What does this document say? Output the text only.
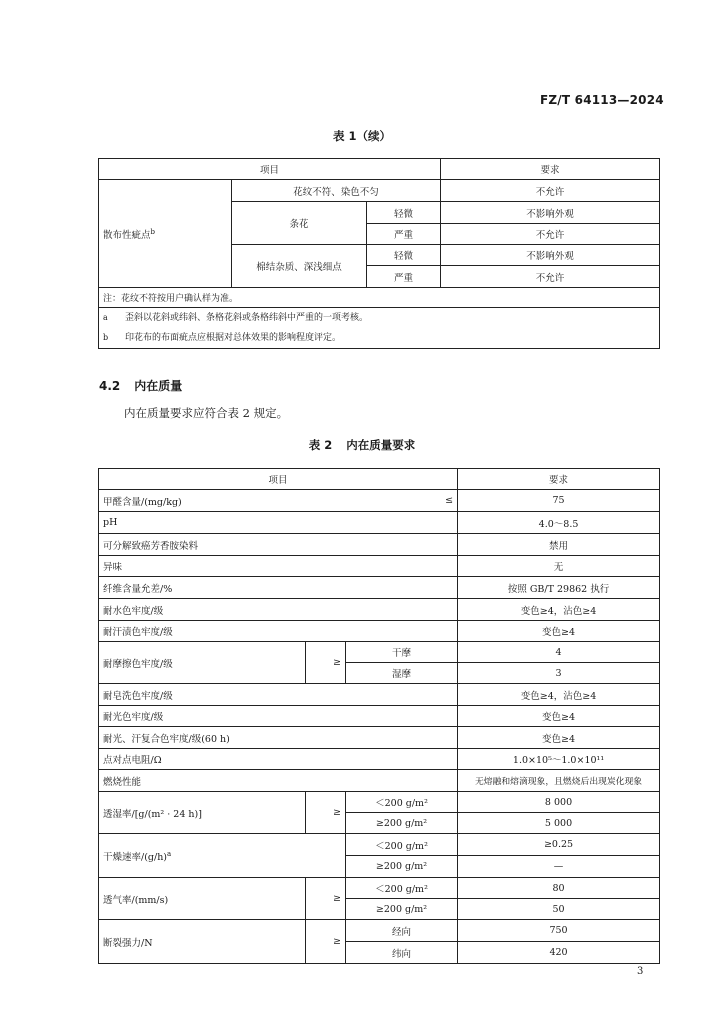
FZ/T 64113—2024
表 1（续）
项目			要求
散布性疵点$^b$	花纹不符、染色不匀		不允许
	条花	轻微	不影响外观
		严重	不允许
	棉结杂质、深浅细点	轻微	不影响外观
		严重	不允许
注：花纹不符按用户确认样为准。			

a 歪斜以花斜或纬斜、条格花斜或条格纬斜中严重的一项考核。
b 印花布的布面疵点应根据对总体效果的影响程度评定。			
4.2 内在质量
内在质量要求应符合表 2 规定。
表 2 内在质量要求
项目			要求
甲醛含量/(mg/kg)		≤	75
pH			4.0～8.5
可分解致癌芳香胺染料			禁用
异味			无
纤维含量允差/%			按照 GB/T 29862 执行
耐水色牢度/级			变色≥4，沾色≥4
耐汗渍色牢度/级			变色≥4
耐摩擦色牢度/级	≥	干摩	4
		湿摩	3
耐皂洗色牢度/级			变色≥4，沾色≥4
耐光色牢度/级			变色≥4
耐光、汗复合色牢度/级(60 h)			变色≥4
点对点电阻/Ω			1.0×10⁵～1.0×10¹¹
燃烧性能			无熔融和熔滴现象，且燃烧后出现炭化现象
透湿率/[g/(m² · 24 h)]	≥	＜200 g/m²	8 000
		≥200 g/m²	5 000
干燥速率$/(g/h)^a$		＜200 g/m²	≥0.25
		≥200 g/m²	—
透气率/(mm/s)	≥	＜200 g/m²	80
		≥200 g/m²	50
断裂强力/N	≥	经向	750
		纬向	420
3
